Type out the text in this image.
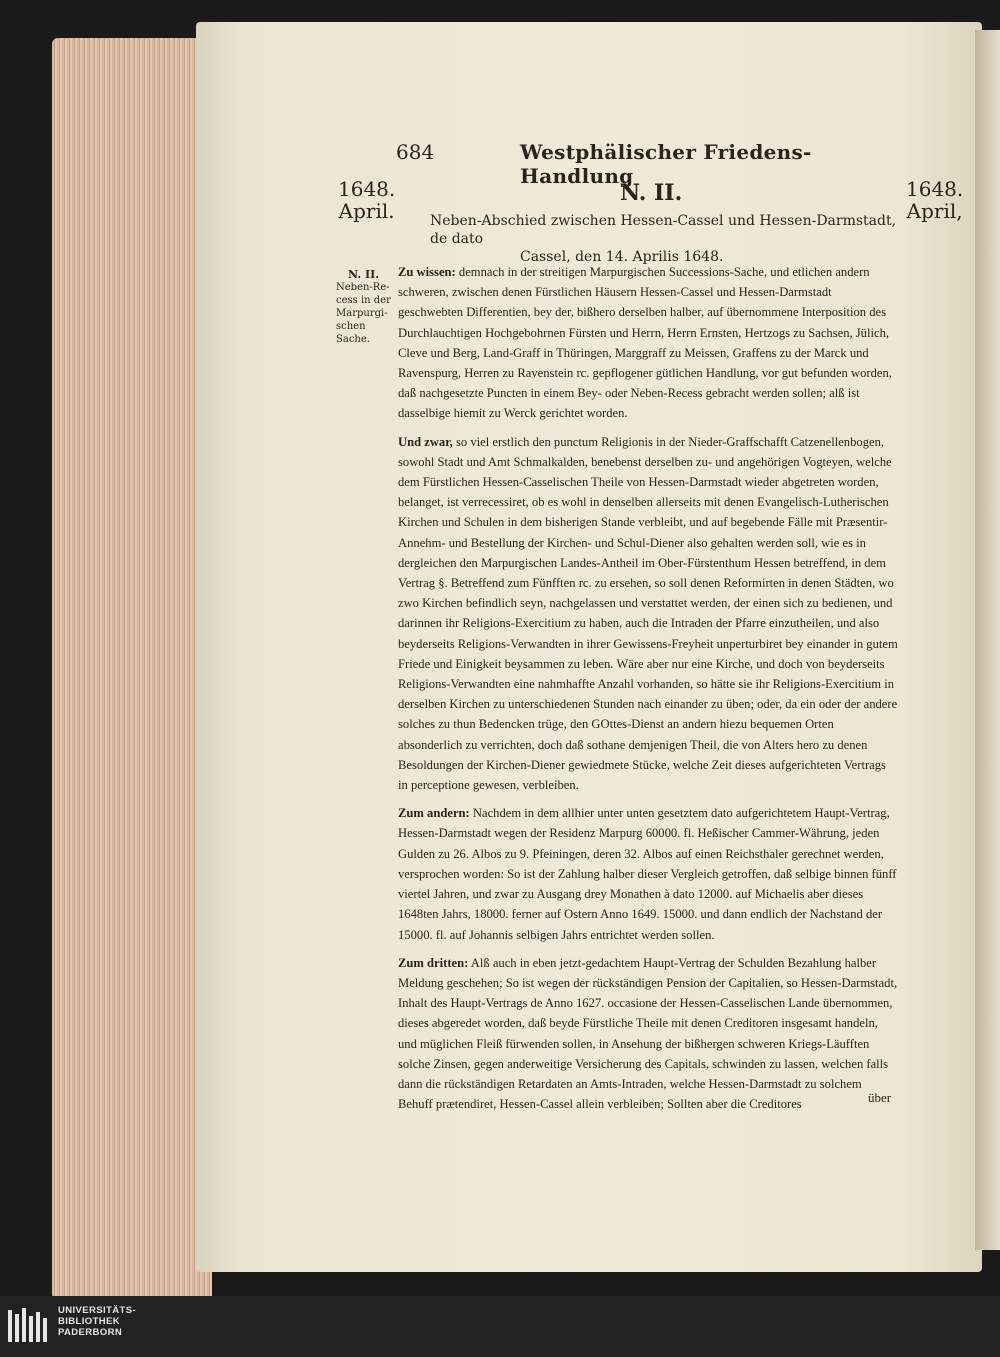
684	Westphälischer Friedens-Handlung
1648.
April.
1648.
April,
N. II.
Neben-Abschied zwischen Hessen-Cassel und Hessen-Darmstadt, de dato
Cassel, den 14. Aprilis 1648.
N. II.
Neben-Re-
cess in der
Marpurgi-
schen Sache.

Zu wissen: demnach in der streitigen Marpurgischen Successions-Sache, und etlichen andern schweren, zwischen denen Fürstlichen Häusern Hessen-Cassel und Hessen-Darmstadt geschwebten Differentien, bey der, bißhero derselben halber, auf übernommene Interposition des Durchlauchtigen Hochgebohrnen Fürsten und Herrn, Herrn Ernsten, Hertzogs zu Sachsen, Jülich, Cleve und Berg, Land-Graff in Thüringen, Marggraff zu Meissen, Graffens zu der Marck und Ravenspurg, Herren zu Ravenstein rc. gepflogener gütlichen Handlung, vor gut befunden worden, daß nachgesetzte Puncten in einem Bey- oder Neben-Recess gebracht werden sollen; alß ist dasselbige hiemit zu Werck gerichtet worden.

Und zwar, so viel erstlich den punctum Religionis in der Nieder-Graffschafft Catzenellenbogen, sowohl Stadt und Amt Schmalkalden, benebenst derselben zu- und angehörigen Vogteyen, welche dem Fürstlichen Hessen-Casselischen Theile von Hessen-Darmstadt wieder abgetreten worden, belanget, ist verrecessiret, ob es wohl in denselben allerseits mit denen Evangelisch-Lutherischen Kirchen und Schulen in dem bisherigen Stande verbleibt, und auf begebende Fälle mit Præsentir- Annehm- und Bestellung der Kirchen- und Schul-Diener also gehalten werden soll, wie es in dergleichen den Marpurgischen Landes-Antheil im Ober-Fürstenthum Hessen betreffend, in dem Vertrag §. Betreffend zum Fünfften rc. zu ersehen, so soll denen Reformirten in denen Städten, wo zwo Kirchen befindlich seyn, nachgelassen und verstattet werden, der einen sich zu bedienen, und darinnen ihr Religions-Exercitium zu haben, auch die Intraden der Pfarre einzutheilen, und also beyderseits Religions-Verwandten in ihrer Gewissens-Freyheit unperturbiret bey einander in gutem Friede und Einigkeit beysammen zu leben. Wäre aber nur eine Kirche, und doch von beyderseits Religions-Verwandten eine nahmhaffte Anzahl vorhanden, so hätte sie ihr Religions-Exercitium in derselben Kirchen zu unterschiedenen Stunden nach einander zu üben; oder, da ein oder der andere solches zu thun Bedencken trüge, den GOttes-Dienst an andern hiezu bequemen Orten absonderlich zu verrichten, doch daß sothane demjenigen Theil, die von Alters hero zu denen Besoldungen der Kirchen-Diener gewiedmete Stücke, welche Zeit dieses aufgerichteten Vertrags in perceptione gewesen, verbleiben.

Zum andern: Nachdem in dem allhier unter unten gesetztem dato aufgerichtetem Haupt-Vertrag, Hessen-Darmstadt wegen der Residenz Marpurg 60000. fl. Heßischer Cammer-Währung, jeden Gulden zu 26. Albos zu 9. Pfeiningen, deren 32. Albos auf einen Reichsthaler gerechnet werden, versprochen worden: So ist der Zahlung halber dieser Vergleich getroffen, daß selbige binnen fünff viertel Jahren, und zwar zu Ausgang drey Monathen à dato 12000. auf Michaelis aber dieses 1648ten Jahrs, 18000. ferner auf Ostern Anno 1649. 15000. und dann endlich der Nachstand der 15000. fl. auf Johannis selbigen Jahrs entrichtet werden sollen.

Zum dritten: Alß auch in eben jetzt-gedachtem Haupt-Vertrag der Schulden Bezahlung halber Meldung geschehen; So ist wegen der rückständigen Pension der Capitalien, so Hessen-Darmstadt, Inhalt des Haupt-Vertrags de Anno 1627. occasione der Hessen-Casselischen Lande übernommen, dieses abgeredet worden, daß beyde Fürstliche Theile mit denen Creditoren insgesamt handeln, und müglichen Fleiß fürwenden sollen, in Ansehung der bißhergen schweren Kriegs-Läufften solche Zinsen, gegen anderweitige Versicherung des Capitals, schwinden zu lassen, welchen falls dann die rückständigen Retardaten an Amts-Intraden, welche Hessen-Darmstadt zu solchem Behuff prætendiret, Hessen-Cassel allein verbleiben; Sollten aber die Creditores	über
UNIVERSITÄTS-
BIBLIOTHEK
PADERBORN
